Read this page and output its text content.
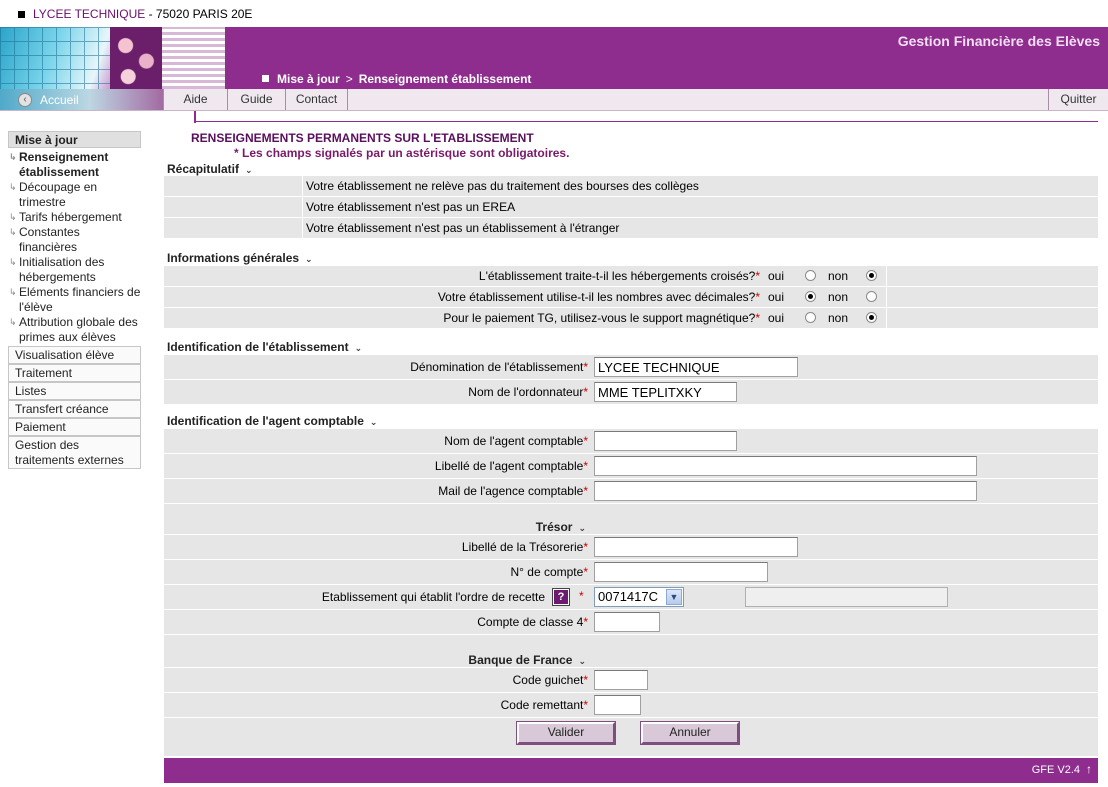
LYCEE TECHNIQUE - 75020 PARIS 20E
Gestion Financière des Elèves
Mise à jour > Renseignement établissement
‹	Accueil	Aide	Guide	Contact	Quitter
Mise à jour
↳ Renseignement établissement
↳ Découpage en trimestre
↳ Tarifs hébergement
↳ Constantes financières
↳ Initialisation des hébergements
↳ Eléments financiers de l'élève
↳ Attribution globale des primes aux élèves
Visualisation élève
Traitement
Listes
Transfert créance
Paiement
Gestion des traitements externes
RENSEIGNEMENTS PERMANENTS SUR L'ETABLISSEMENT
* Les champs signalés par un astérisque sont obligatoires.
Récapitulatif ⌄
Votre établissement ne relève pas du traitement des bourses des collèges
Votre établissement n'est pas un EREA
Votre établissement n'est pas un établissement à l'étranger
Informations générales ⌄
L'établissement traite-t-il les hébergements croisés?* oui	non
Votre établissement utilise-t-il les nombres avec décimales?* oui	non
Pour le paiement TG, utilisez-vous le support magnétique?* oui	non
Identification de l'établissement ⌄
Dénomination de l'établissement*
LYCEE TECHNIQUE
Nom de l'ordonnateur*
MME TEPLITXKY
Identification de l'agent comptable ⌄
Nom de l'agent comptable*
Libellé de l'agent comptable*
Mail de l'agence comptable*
Trésor ⌄
Libellé de la Trésorerie*
N° de compte*
Etablissement qui établit l'ordre de recette	?	*	0071417C	▼
Compte de classe 4*
Banque de France ⌄
Code guichet*
Code remettant*
Valider	Annuler
GFE V2.4 ↑
